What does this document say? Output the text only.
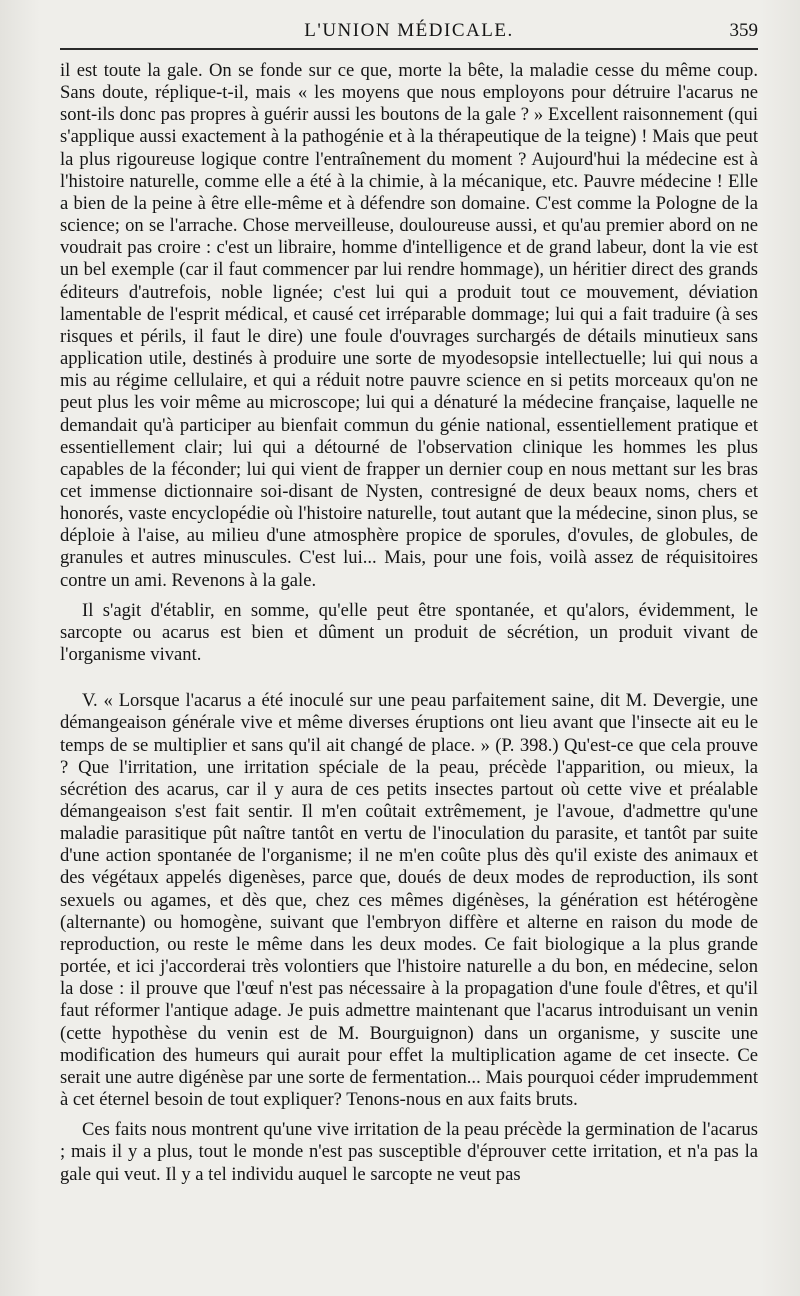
L'UNION MÉDICALE.	359

il est toute la gale. On se fonde sur ce que, morte la bête, la maladie cesse du même coup. Sans doute, réplique-t-il, mais « les moyens que nous employons pour détruire l'acarus ne sont-ils donc pas propres à guérir aussi les boutons de la gale ? » Excellent raisonnement (qui s'applique aussi exactement à la pathogénie et à la thérapeutique de la teigne) ! Mais que peut la plus rigoureuse logique contre l'entraînement du moment ? Aujourd'hui la médecine est à l'histoire naturelle, comme elle a été à la chimie, à la mécanique, etc. Pauvre médecine ! Elle a bien de la peine à être elle-même et à défendre son domaine. C'est comme la Pologne de la science; on se l'arrache. Chose merveilleuse, douloureuse aussi, et qu'au premier abord on ne voudrait pas croire : c'est un libraire, homme d'intelligence et de grand labeur, dont la vie est un bel exemple (car il faut commencer par lui rendre hommage), un héritier direct des grands éditeurs d'autrefois, noble lignée; c'est lui qui a produit tout ce mouvement, déviation lamentable de l'esprit médical, et causé cet irréparable dommage; lui qui a fait traduire (à ses risques et périls, il faut le dire) une foule d'ouvrages surchargés de détails minutieux sans application utile, destinés à produire une sorte de myodesopsie intellectuelle; lui qui nous a mis au régime cellulaire, et qui a réduit notre pauvre science en si petits morceaux qu'on ne peut plus les voir même au microscope; lui qui a dénaturé la médecine française, laquelle ne demandait qu'à participer au bienfait commun du génie national, essentiellement pratique et essentiellement clair; lui qui a détourné de l'observation clinique les hommes les plus capables de la féconder; lui qui vient de frapper un dernier coup en nous mettant sur les bras cet immense dictionnaire soi-disant de Nysten, contresigné de deux beaux noms, chers et honorés, vaste encyclopédie où l'histoire naturelle, tout autant que la médecine, sinon plus, se déploie à l'aise, au milieu d'une atmosphère propice de sporules, d'ovules, de globules, de granules et autres minuscules. C'est lui... Mais, pour une fois, voilà assez de réquisitoires contre un ami. Revenons à la gale.

Il s'agit d'établir, en somme, qu'elle peut être spontanée, et qu'alors, évidemment, le sarcopte ou acarus est bien et dûment un produit de sécrétion, un produit vivant de l'organisme vivant.

V. « Lorsque l'acarus a été inoculé sur une peau parfaitement saine, dit M. Devergie, une démangeaison générale vive et même diverses éruptions ont lieu avant que l'insecte ait eu le temps de se multiplier et sans qu'il ait changé de place. » (P. 398.) Qu'est-ce que cela prouve ? Que l'irritation, une irritation spéciale de la peau, précède l'apparition, ou mieux, la sécrétion des acarus, car il y aura de ces petits insectes partout où cette vive et préalable démangeaison s'est fait sentir. Il m'en coûtait extrêmement, je l'avoue, d'admettre qu'une maladie parasitique pût naître tantôt en vertu de l'inoculation du parasite, et tantôt par suite d'une action spontanée de l'organisme; il ne m'en coûte plus dès qu'il existe des animaux et des végétaux appelés digenèses, parce que, doués de deux modes de reproduction, ils sont sexuels ou agames, et dès que, chez ces mêmes digénèses, la génération est hétérogène (alternante) ou homogène, suivant que l'embryon diffère et alterne en raison du mode de reproduction, ou reste le même dans les deux modes. Ce fait biologique a la plus grande portée, et ici j'accorderai très volontiers que l'histoire naturelle a du bon, en médecine, selon la dose : il prouve que l'œuf n'est pas nécessaire à la propagation d'une foule d'êtres, et qu'il faut réformer l'antique adage. Je puis admettre maintenant que l'acarus introduisant un venin (cette hypothèse du venin est de M. Bourguignon) dans un organisme, y suscite une modification des humeurs qui aurait pour effet la multiplication agame de cet insecte. Ce serait une autre digénèse par une sorte de fermentation... Mais pourquoi céder imprudemment à cet éternel besoin de tout expliquer? Tenons-nous en aux faits bruts.

Ces faits nous montrent qu'une vive irritation de la peau précède la germination de l'acarus ; mais il y a plus, tout le monde n'est pas susceptible d'éprouver cette irritation, et n'a pas la gale qui veut. Il y a tel individu auquel le sarcopte ne veut pas
